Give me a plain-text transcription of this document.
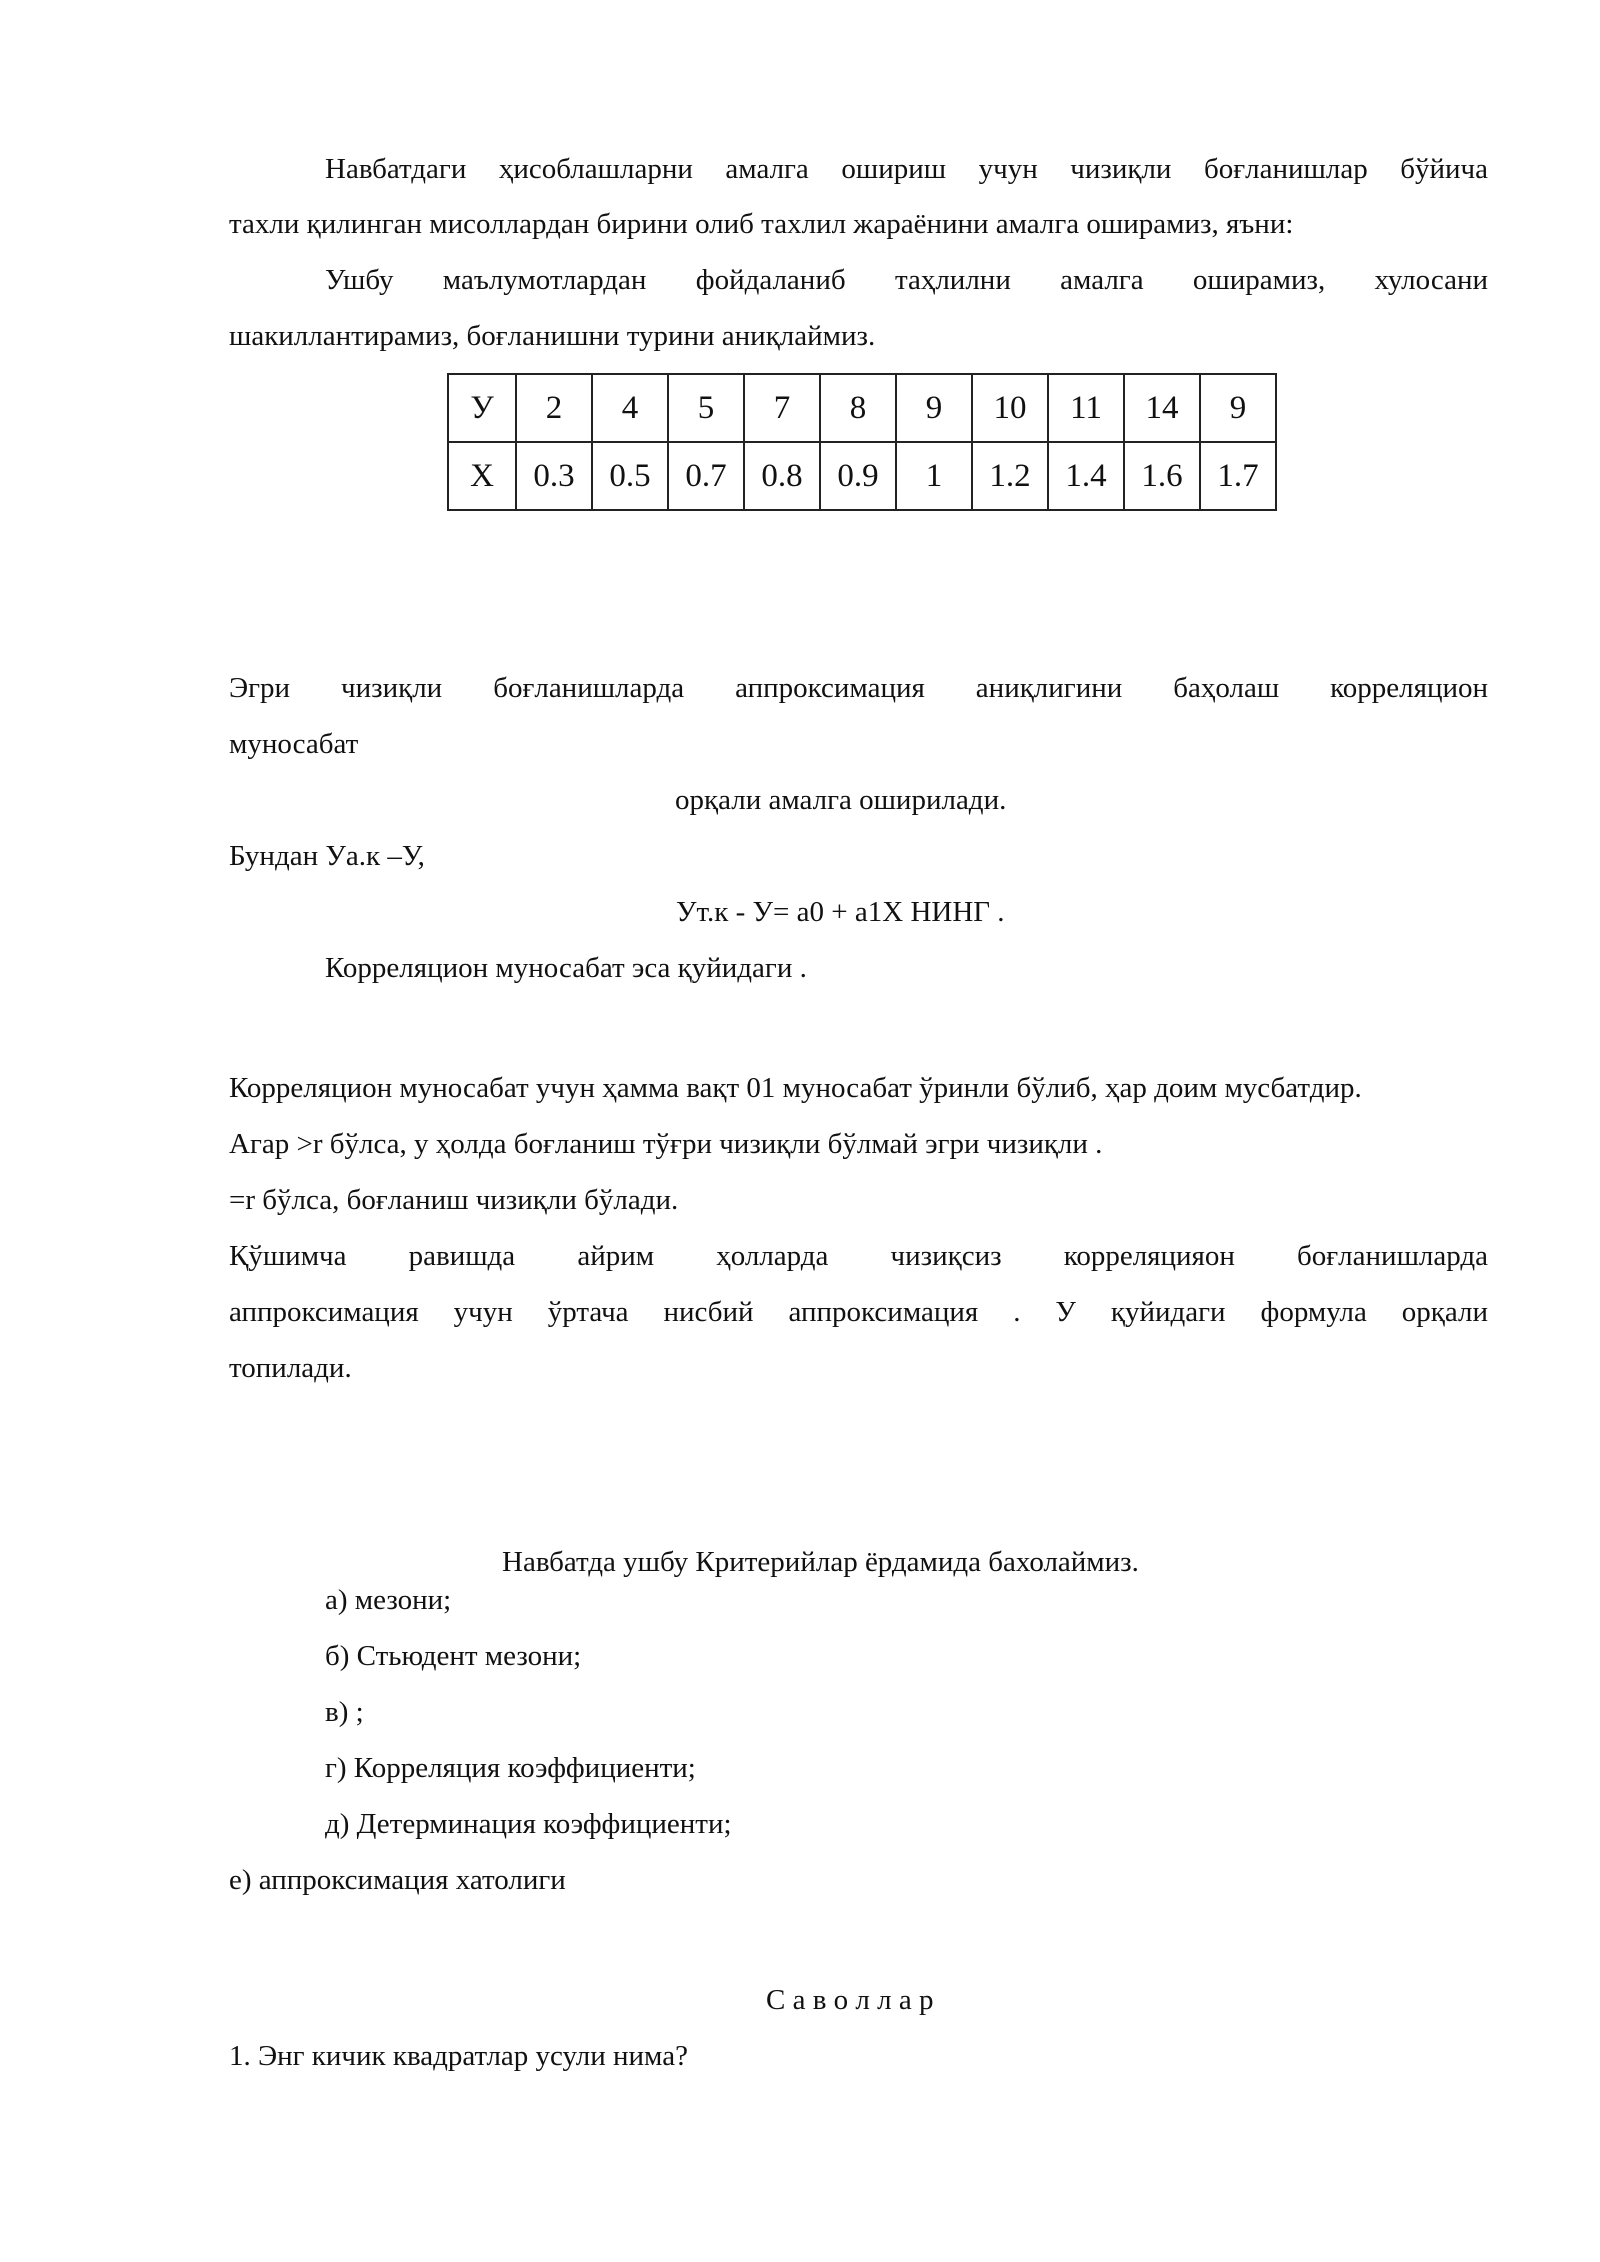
Навбатдаги ҳисоблашларни амалга ошириш учун чизиқли боғланишлар бўйича
тахли қилинган мисоллардан бирини олиб тахлил жараёнини амалга оширамиз, яъни:
Ушбу маълумотлардан фойдаланиб таҳлилни амалга оширамиз, хулосани
шакиллантирамиз, боғланишни турини аниқлаймиз.
У	2	4	5	7	8	9	10	11	14	9
Х	0.3	0.5	0.7	0.8	0.9	1	1.2	1.4	1.6	1.7
Эгри чизиқли боғланишларда аппроксимация аниқлигини баҳолаш корреляцион
муносабат
орқали амалга оширилади.
Бундан Уа.к –У,
Ут.к - У= а0 + а1Х НИНГ .
Корреляцион муносабат эса қуйидаги .
Корреляцион муносабат учун ҳамма вақт 01 муносабат ўринли бўлиб, ҳар доим мусбатдир.
Агар >r бўлса, у ҳолда боғланиш тўғри чизиқли бўлмай эгри чизиқли .
=r бўлса, боғланиш чизиқли бўлади.
Қўшимча равишда айрим ҳолларда чизиқсиз корреляцияон боғланишларда
аппроксимация учун ўртача нисбий аппроксимация . У қуйидаги формула орқали
топилади.
Навбатда ушбу Критерийлар ёрдамида бахолаймиз.
а) мезони;
б) Стьюдент мезони;
в) ;
г) Корреляция коэффициенти;
д) Детерминация коэффициенти;
е) аппроксимация хатолиги
С а в о л л а р
1. Энг кичик квадратлар усули нима?
